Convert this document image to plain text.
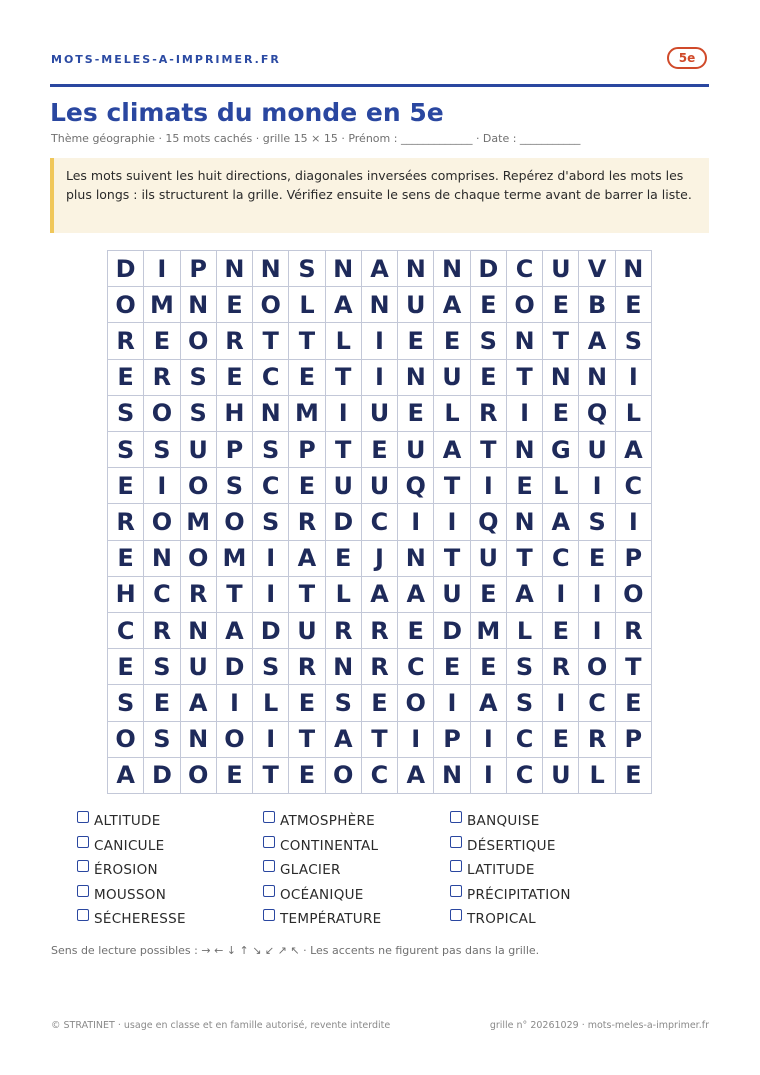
MOTS-MELES-A-IMPRIMER.FR	5e
Les climats du monde en 5e
Thème géographie · 15 mots cachés · grille 15 × 15 · Prénom : _____________ · Date : ___________
Les mots suivent les huit directions, diagonales inversées comprises. Repérez d'abord les mots les plus longs : ils structurent la grille. Vérifiez ensuite le sens de chaque terme avant de barrer la liste.
D I P N N S N A N N D C U V N
O M N E O L A N U A E O E B E
R E O R T T L	I E E S N T A S
E R S E C E T I N U E T N N I
S O S H N M I U E L R I E Q L
S S U P S P T E U A T N G U A
E I O S C E U U Q T I E L	I C
R O M O S R D C I	I Q N A S I
E N O M I A E J N T U T C E P
H C R T I T L A A U E A I	I O
C R N A D U R R E D M L E I R
E S U D S R N R C E E S R O T
S E A I	L E S E O I A S I C E
O S N O I T A T I P I C E R P
A D O E T E O C A N I C U L E
ALTITUDE	ATMOSPHÈRE	BANQUISE
CANICULE	CONTINENTAL	DÉSERTIQUE
ÉROSION	GLACIER	LATITUDE
MOUSSON	OCÉANIQUE	PRÉCIPITATION
SÉCHERESSE	TEMPÉRATURE	TROPICAL
Sens de lecture possibles : → ← ↓ ↑ ↘ ↙ ↗ ↖ · Les accents ne figurent pas dans la grille.
© STRATINET · usage en classe et en famille autorisé, revente interdite	grille n° 20261029 · mots-meles-a-imprimer.fr
